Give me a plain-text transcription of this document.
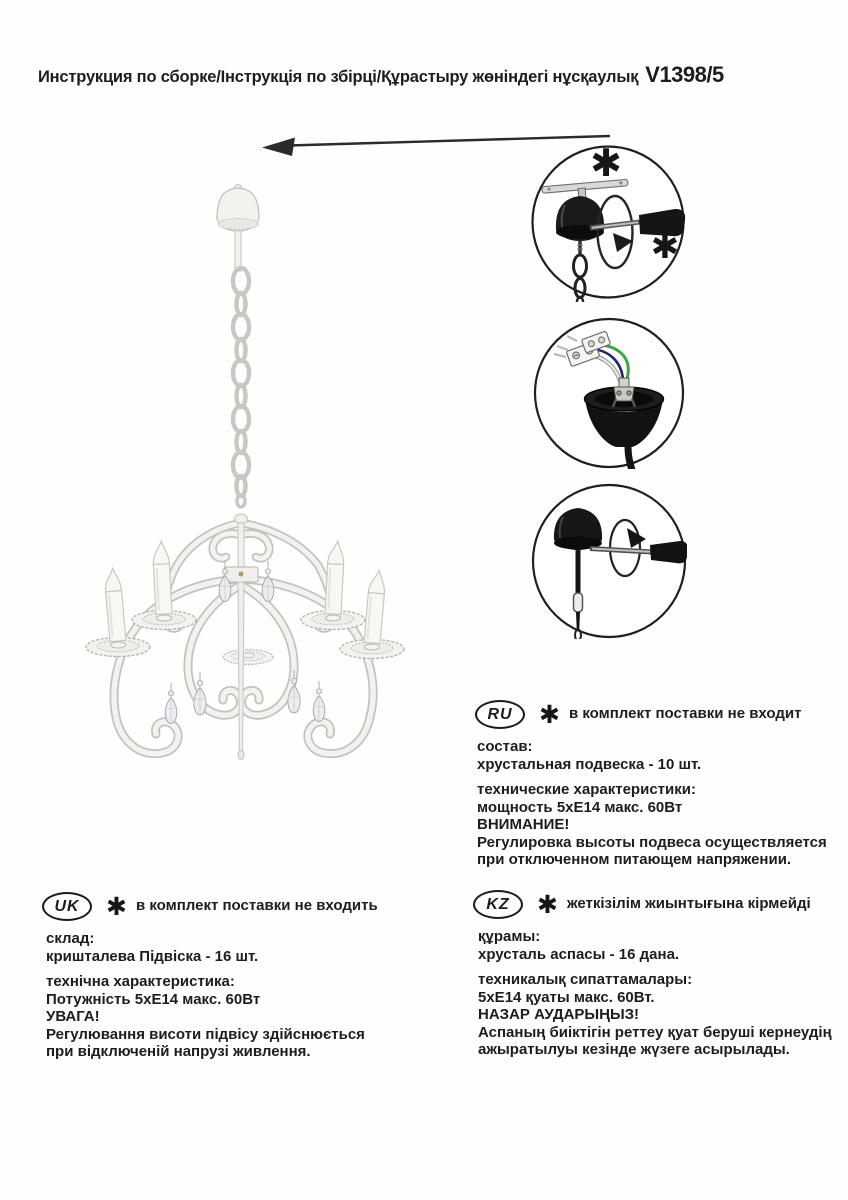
Инструкция по сборке/Інструкція по збірці/Құрастыру жөніндегі нұсқаулық V1398/5
✱
✱
RU	✱ в комплект поставки не входит

состав:
хрустальная подвеска - 10 шт.

технические характеристики:
мощность 5хЕ14 макс. 60Вт
ВНИМАНИЕ!
Регулировка высоты подвеса осуществляется
при отключенном питающем напряжении.

UK	✱ в комплект поставки не входить

склад:
кришталева Підвіска - 16 шт.

технічна характеристика:
Потужність 5хЕ14 макс. 60Вт
УВАГА!
Регулювання висоти підвісу здійснюється
при відключеній напрузі живлення.

KZ	✱ жеткізілім жиынтығына кірмейді

құрамы:
хрусталь аспасы - 16 дана.

техникалық сипаттамалары:
5хЕ14 қуаты макс. 60Вт.
НАЗАР АУДАРЫҢЫЗ!
Аспаның биіктігін реттеу қуат беруші кернеудің
ажыратылуы кезінде жүзеге асырылады.
